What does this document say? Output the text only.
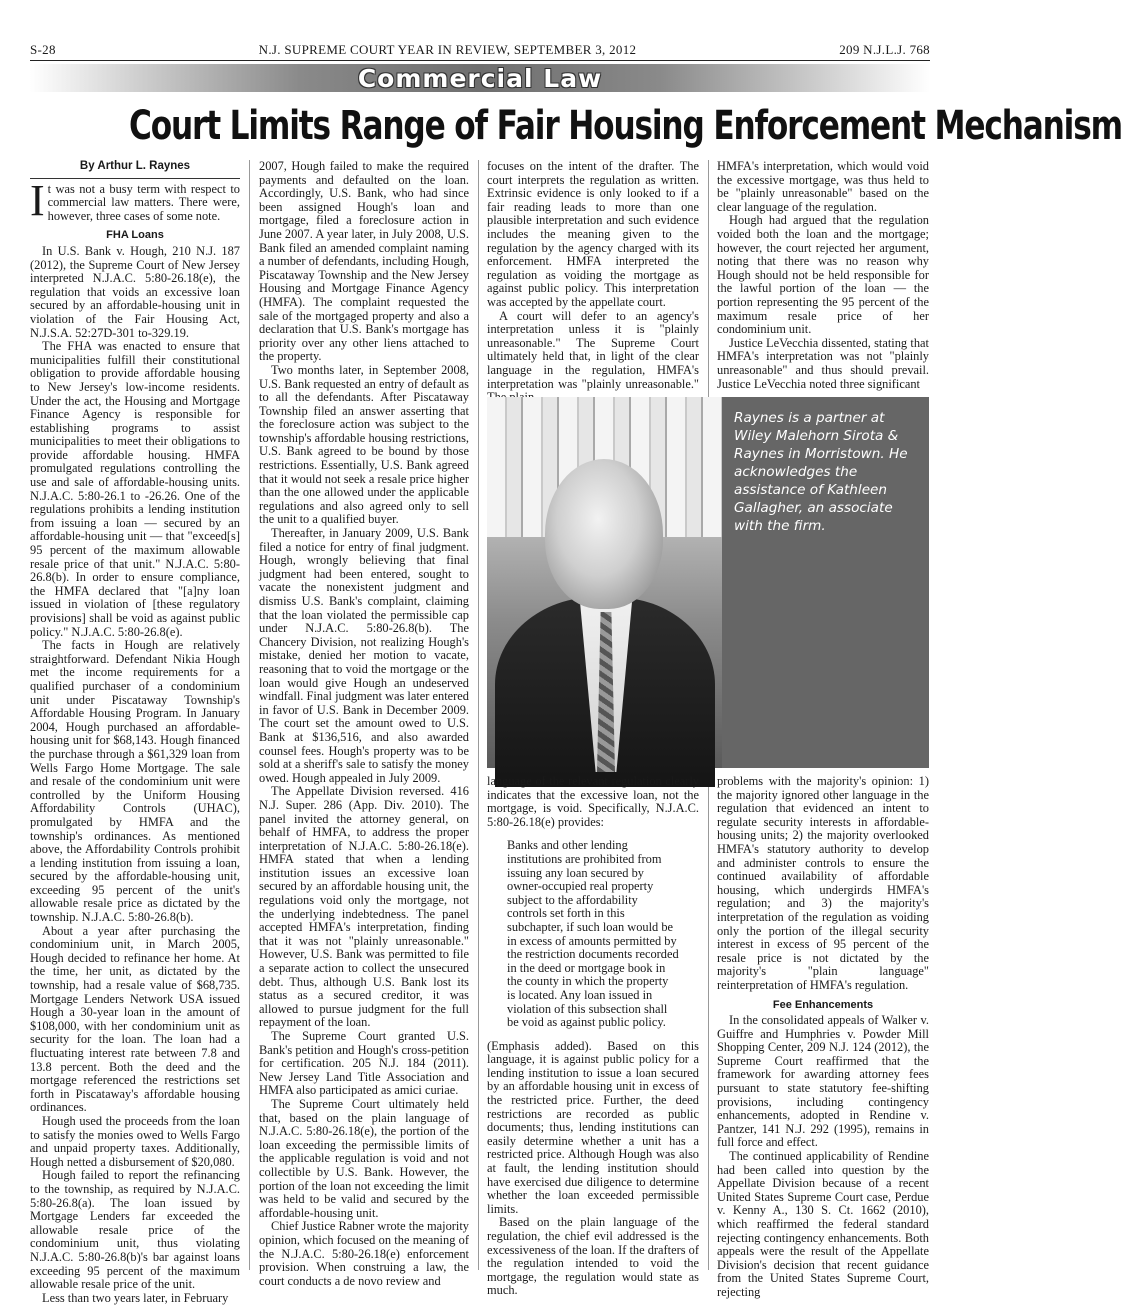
S-28	N.J. SUPREME COURT YEAR IN REVIEW, SEPTEMBER 3, 2012	209 N.J.L.J. 768
Commercial Law
Court Limits Range of Fair Housing Enforcement Mechanism
By Arthur L. Raynes

It was not a busy term with respect to commercial law matters. There were, however, three cases of some note.

FHA Loans

In U.S. Bank v. Hough, 210 N.J. 187 (2012), the Supreme Court of New Jersey interpreted N.J.A.C. 5:80-26.18(e), the regulation that voids an excessive loan secured by an affordable-housing unit in violation of the Fair Housing Act, N.J.S.A. 52:27D-301 to-329.19.

The FHA was enacted to ensure that municipalities fulfill their constitutional obligation to provide affordable housing to New Jersey's low-income residents. Under the act, the Housing and Mortgage Finance Agency is responsible for establishing programs to assist municipalities to meet their obligations to provide affordable housing. HMFA promulgated regulations controlling the use and sale of affordable-housing units. N.J.A.C. 5:80-26.1 to -26.26. One of the regulations prohibits a lending institution from issuing a loan — secured by an affordable-housing unit — that "exceed[s] 95 percent of the maximum allowable resale price of that unit." N.J.A.C. 5:80-26.8(b). In order to ensure compliance, the HMFA declared that "[a]ny loan issued in violation of [these regulatory provisions] shall be void as against public policy." N.J.A.C. 5:80-26.8(e).

The facts in Hough are relatively straightforward. Defendant Nikia Hough met the income requirements for a qualified purchaser of a condominium unit under Piscataway Township's Affordable Housing Program. In January 2004, Hough purchased an affordable-housing unit for $68,143. Hough financed the purchase through a $61,329 loan from Wells Fargo Home Mortgage. The sale and resale of the condominium unit were controlled by the Uniform Housing Affordability Controls (UHAC), promulgated by HMFA and the township's ordinances. As mentioned above, the Affordability Controls prohibit a lending institution from issuing a loan, secured by the affordable-housing unit, exceeding 95 percent of the unit's allowable resale price as dictated by the township. N.J.A.C. 5:80-26.8(b).

About a year after purchasing the condominium unit, in March 2005, Hough decided to refinance her home. At the time, her unit, as dictated by the township, had a resale value of $68,735. Mortgage Lenders Network USA issued Hough a 30-year loan in the amount of $108,000, with her condominium unit as security for the loan. The loan had a fluctuating interest rate between 7.8 and 13.8 percent. Both the deed and the mortgage referenced the restrictions set forth in Piscataway's affordable housing ordinances.

Hough used the proceeds from the loan to satisfy the monies owed to Wells Fargo and unpaid property taxes. Additionally, Hough netted a disbursement of $20,080.

Hough failed to report the refinancing to the township, as required by N.J.A.C. 5:80-26.8(a). The loan issued by Mortgage Lenders far exceeded the allowable resale price of the condominium unit, thus violating N.J.A.C. 5:80-26.8(b)'s bar against loans exceeding 95 percent of the maximum allowable resale price of the unit.

Less than two years later, in February

2007, Hough failed to make the required payments and defaulted on the loan. Accordingly, U.S. Bank, who had since been assigned Hough's loan and mortgage, filed a foreclosure action in June 2007. A year later, in July 2008, U.S. Bank filed an amended complaint naming a number of defendants, including Hough, Piscataway Township and the New Jersey Housing and Mortgage Finance Agency (HMFA). The complaint requested the sale of the mortgaged property and also a declaration that U.S. Bank's mortgage has priority over any other liens attached to the property.

Two months later, in September 2008, U.S. Bank requested an entry of default as to all the defendants. After Piscataway Township filed an answer asserting that the foreclosure action was subject to the township's affordable housing restrictions, U.S. Bank agreed to be bound by those restrictions. Essentially, U.S. Bank agreed that it would not seek a resale price higher than the one allowed under the applicable regulations and also agreed only to sell the unit to a qualified buyer.

Thereafter, in January 2009, U.S. Bank filed a notice for entry of final judgment. Hough, wrongly believing that final judgment had been entered, sought to vacate the nonexistent judgment and dismiss U.S. Bank's complaint, claiming that the loan violated the permissible cap under N.J.A.C. 5:80-26.8(b). The Chancery Division, not realizing Hough's mistake, denied her motion to vacate, reasoning that to void the mortgage or the loan would give Hough an undeserved windfall. Final judgment was later entered in favor of U.S. Bank in December 2009. The court set the amount owed to U.S. Bank at $136,516, and also awarded counsel fees. Hough's property was to be sold at a sheriff's sale to satisfy the money owed. Hough appealed in July 2009.

The Appellate Division reversed. 416 N.J. Super. 286 (App. Div. 2010). The panel invited the attorney general, on behalf of HMFA, to address the proper interpretation of N.J.A.C. 5:80-26.18(e). HMFA stated that when a lending institution issues an excessive loan secured by an affordable housing unit, the regulations void only the mortgage, not the underlying indebtedness. The panel accepted HMFA's interpretation, finding that it was not "plainly unreasonable." However, U.S. Bank was permitted to file a separate action to collect the unsecured debt. Thus, although U.S. Bank lost its status as a secured creditor, it was allowed to pursue judgment for the full repayment of the loan.

The Supreme Court granted U.S. Bank's petition and Hough's cross-petition for certification. 205 N.J. 184 (2011). New Jersey Land Title Association and HMFA also participated as amici curiae.

The Supreme Court ultimately held that, based on the plain language of N.J.A.C. 5:80-26.18(e), the portion of the loan exceeding the permissible limits of the applicable regulation is void and not collectible by U.S. Bank. However, the portion of the loan not exceeding the limit was held to be valid and secured by the affordable-housing unit.

Chief Justice Rabner wrote the majority opinion, which focused on the meaning of the N.J.A.C. 5:80-26.18(e) enforcement provision. When construing a law, the court conducts a de novo review and

focuses on the intent of the drafter. The court interprets the regulation as written. Extrinsic evidence is only looked to if a fair reading leads to more than one plausible interpretation and such evidence includes the meaning given to the regulation by the agency charged with its enforcement. HMFA interpreted the regulation as voiding the mortgage as against public policy. This interpretation was accepted by the appellate court.

A court will defer to an agency's interpretation unless it is "plainly unreasonable." The Supreme Court ultimately held that, in light of the clear language in the regulation, HMFA's interpretation was "plainly unreasonable."

HMFA's interpretation, which would void the excessive mortgage, was thus held to be "plainly unreasonable" based on the clear language of the regulation.

Hough had argued that the regulation voided both the loan and the mortgage; however, the court rejected her argument, noting that there was no reason why Hough should not be held responsible for the lawful portion of the loan — the portion representing the 95 percent of the maximum resale price of her condominium unit.

Justice LeVecchia dissented, stating that HMFA's interpretation was not "plainly unreasonable" and thus should prevail. Justice LeVecchia noted three significant

Raynes is a partner at Wiley Malehorn Sirota & Raynes in Morristown. He acknowledges the assistance of Kathleen Gallagher, an associate with the firm.

language of the relevant regulation clearly indicates that the excessive loan, not the mortgage, is void. Specifically, N.J.A.C. 5:80-26.18(e) provides:

Banks and other lending institutions are prohibited from issuing any loan secured by owner-occupied real property subject to the affordability controls set forth in this subchapter, if such loan would be in excess of amounts permitted by the restriction documents recorded in the deed or mortgage book in the county in which the property is located. Any loan issued in violation of this subsection shall be void as against public policy.

(Emphasis added). Based on this language, it is against public policy for a lending institution to issue a loan secured by an affordable housing unit in excess of the restricted price. Further, the deed restrictions are recorded as public documents; thus, lending institutions can easily determine whether a unit has a restricted price. Although Hough was also at fault, the lending institution should have exercised due diligence to determine whether the loan exceeded permissible limits.

Based on the plain language of the regulation, the chief evil addressed is the excessiveness of the loan. If the drafters of the regulation intended to void the mortgage, the regulation would state as much.

problems with the majority's opinion: 1) the majority ignored other language in the regulation that evidenced an intent to regulate security interests in affordable-housing units; 2) the majority overlooked HMFA's statutory authority to develop and administer controls to ensure the continued availability of affordable housing, which undergirds HMFA's regulation; and 3) the majority's interpretation of the regulation as voiding only the portion of the illegal security interest in excess of 95 percent of the resale price is not dictated by the majority's "plain language" reinterpretation of HMFA's regulation.

Fee Enhancements

In the consolidated appeals of Walker v. Guiffre and Humphries v. Powder Mill Shopping Center, 209 N.J. 124 (2012), the Supreme Court reaffirmed that the framework for awarding attorney fees pursuant to state statutory fee-shifting provisions, including contingency enhancements, adopted in Rendine v. Pantzer, 141 N.J. 292 (1995), remains in full force and effect.

The continued applicability of Rendine had been called into question by the Appellate Division because of a recent United States Supreme Court case, Perdue v. Kenny A., 130 S. Ct. 1662 (2010), which reaffirmed the federal standard rejecting contingency enhancements. Both appeals were the result of the Appellate Division's decision that recent guidance from the United States Supreme Court, rejecting
